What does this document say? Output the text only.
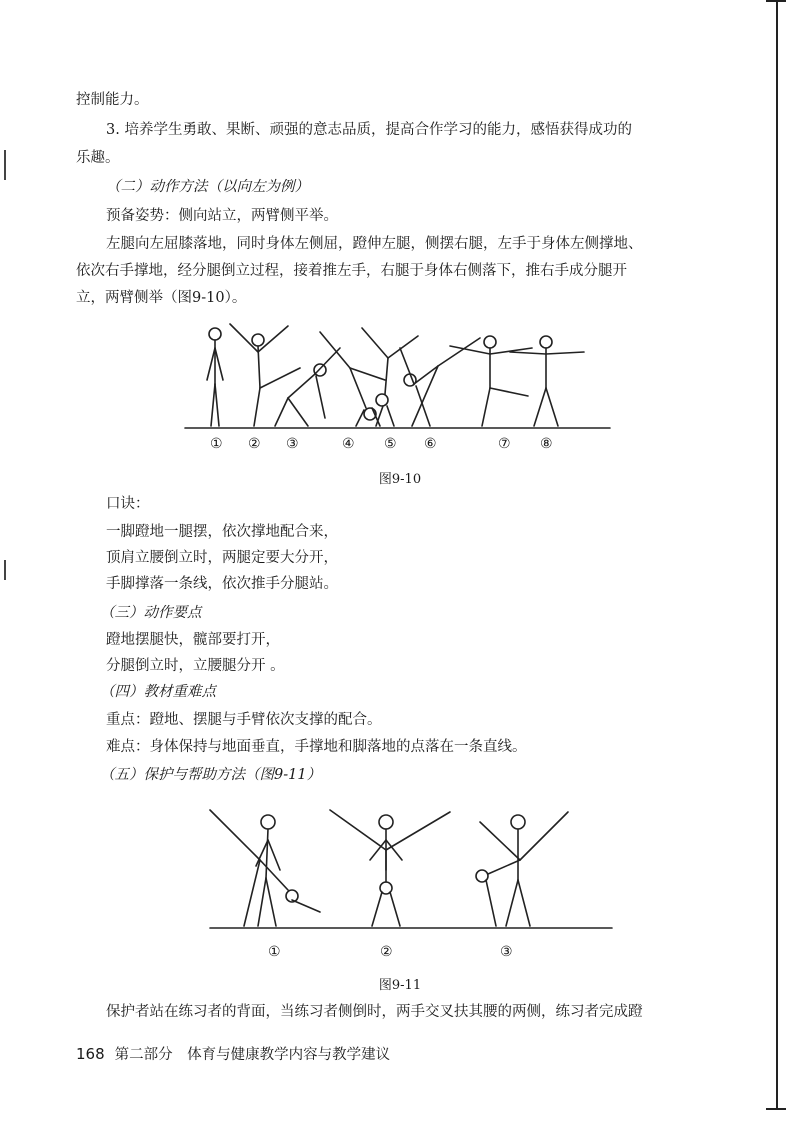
控制能力。
3. 培养学生勇敢、果断、顽强的意志品质，提高合作学习的能力，感悟获得成功的
乐趣。
（二）动作方法（以向左为例）
预备姿势：侧向站立，两臂侧平举。
左腿向左屈膝落地，同时身体左侧屈，蹬伸左腿，侧摆右腿，左手于身体左侧撑地、
依次右手撑地，经分腿倒立过程，接着推左手，右腿于身体右侧落下，推右手成分腿开
立，两臂侧举（图9-10）。
① ② ③	④ ⑤ ⑥	⑦ ⑧
图9-10
口诀：
一脚蹬地一腿摆，依次撑地配合来，
顶肩立腰倒立时，两腿定要大分开，
手脚撑落一条线，依次推手分腿站。
（三）动作要点
蹬地摆腿快，髋部要打开，
分腿倒立时，立腰腿分开 。
（四）教材重难点
重点：蹬地、摆腿与手臂依次支撑的配合。
难点：身体保持与地面垂直，手撑地和脚落地的点落在一条直线。
（五）保护与帮助方法（图9-11）
①	②	③
图9-11
保护者站在练习者的背面，当练习者侧倒时，两手交叉扶其腰的两侧，练习者完成蹬
168 第二部分　体育与健康教学内容与教学建议
